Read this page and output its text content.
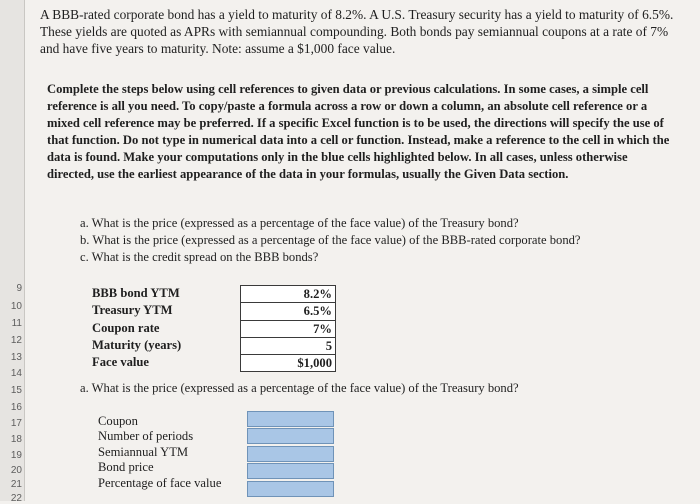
9
10
11
12
13
14
15
16
17
18
19
20
21
22
A BBB-rated corporate bond has a yield to maturity of 8.2%. A U.S. Treasury security has a yield to maturity of 6.5%. These yields are quoted as APRs with semiannual compounding. Both bonds pay semiannual coupons at a rate of 7% and have five years to maturity. Note: assume a $1,000 face value.
Complete the steps below using cell references to given data or previous calculations. In some cases, a simple cell reference is all you need. To copy/paste a formula across a row or down a column, an absolute cell reference or a mixed cell reference may be preferred. If a specific Excel function is to be used, the directions will specify the use of that function. Do not type in numerical data into a cell or function. Instead, make a reference to the cell in which the data is found. Make your computations only in the blue cells highlighted below. In all cases, unless otherwise directed, use the earliest appearance of the data in your formulas, usually the Given Data section.
a. What is the price (expressed as a percentage of the face value) of the Treasury bond?
b. What is the price (expressed as a percentage of the face value) of the BBB-rated corporate bond?
c. What is the credit spread on the BBB bonds?
BBB bond YTM
Treasury YTM
Coupon rate
Maturity (years)
Face value
8.2%
6.5%
7%
5
$1,000
a. What is the price (expressed as a percentage of the face value) of the Treasury bond?
Coupon
Number of periods
Semiannual YTM
Bond price
Percentage of face value
